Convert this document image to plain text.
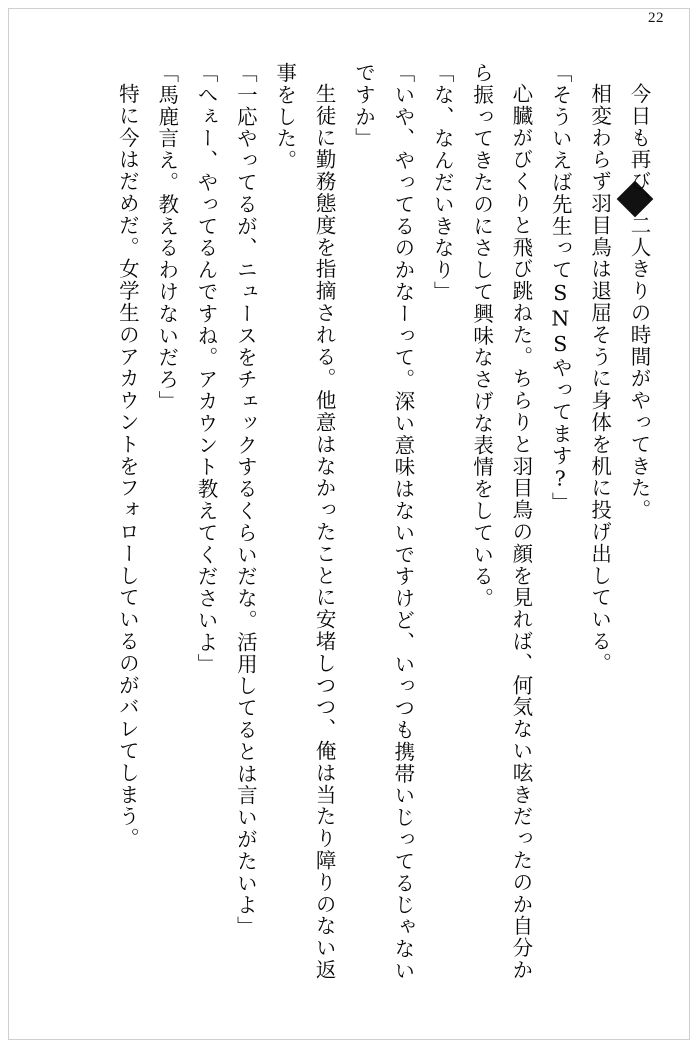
22

今日も再び、二人きりの時間がやってきた。

相変わらず羽目鳥は退屈そうに身体を机に投げ出している。

「そういえば先生ってSNSやってます?」

心臓がびくりと飛び跳ねた。ちらりと羽目鳥の顔を見れば、何気ない呟きだったのか自分から振ってきたのにさして興味なさげな表情をしている。

「な、なんだいきなり」

「いや、やってるのかなーって。深い意味はないですけど、いっつも携帯いじってるじゃないですか」

生徒に勤務態度を指摘される。他意はなかったことに安堵しつつ、俺は当たり障りのない返事をした。

「一応やってるが、ニュースをチェックするくらいだな。活用してるとは言いがたいよ」

「へぇー、やってるんですね。アカウント教えてくださいよ」

「馬鹿言え。教えるわけないだろ」

特に今はだめだ。女学生のアカウントをフォローしているのがバレてしまう。
